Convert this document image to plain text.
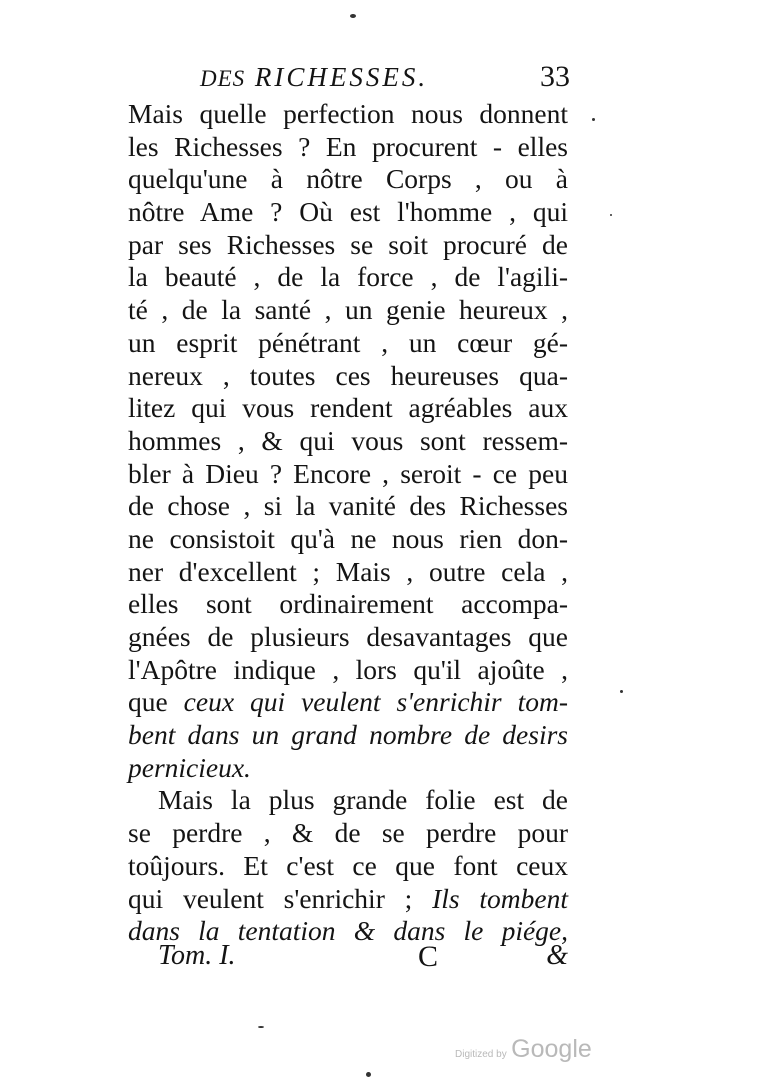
DES RICHESSES.	33
Mais quelle perfection nous donnent
les Richesses ? En procurent - elles
quelqu'une à nôtre Corps , ou à
nôtre Ame ? Où est l'homme , qui
par ses Richesses se soit procuré de
la beauté , de la force , de l'agili-
té , de la santé , un genie heureux ,
un esprit pénétrant , un cœur gé-
nereux , toutes ces heureuses qua-
litez qui vous rendent agréables aux
hommes , & qui vous sont ressem-
bler à Dieu ? Encore , seroit - ce peu
de chose , si la vanité des Richesses
ne consistoit qu'à ne nous rien don-
ner d'excellent ; Mais , outre cela ,
elles sont ordinairement accompa-
gnées de plusieurs desavantages que
l'Apôtre indique , lors qu'il ajoûte ,
que ceux qui veulent s'enrichir tom-
bent dans un grand nombre de desirs
pernicieux.
Mais la plus grande folie est de
se perdre , & de se perdre pour
toûjours. Et c'est ce que font ceux
qui veulent s'enrichir ; Ils tombent
dans la tentation & dans le piége,
Tom. I.	C	&
Digitized by Google
